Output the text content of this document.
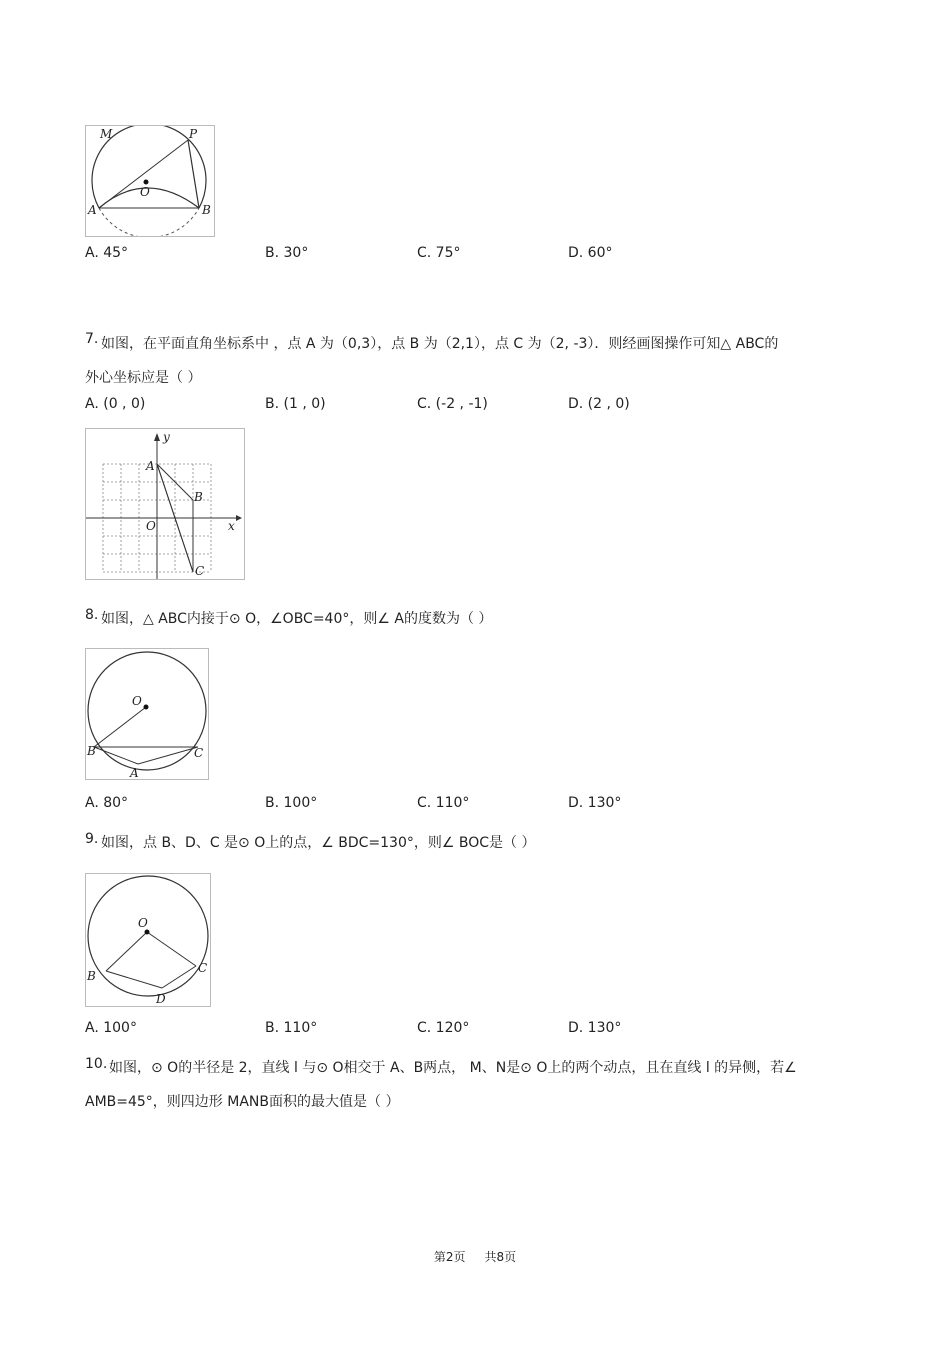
M	P
O
A	B
A. 45°	B. 30°	C. 75°	D. 60°
7. 如图，在平面直角坐标系中 ，点 A 为（0,3），点 B 为（2,1），点 C 为（2, -3）．则经画图操作可知△ ABC的
外心坐标应是（ ）
A. (0 , 0)	B. (1 , 0)	C. (-2 , -1)	D. (2 , 0)
y
x
A
B
O
C
8. 如图，△ ABC内接于⊙ O，∠OBC=40°，则∠ A的度数为（ ）
O
B	C
A
A. 80°	B. 100°	C. 110°	D. 130°
9. 如图，点 B、D、C 是⊙ O上的点，∠ BDC=130°，则∠ BOC是（ ）
O
B
C
D
A. 100°	B. 110°	C. 120°	D. 130°
10. 如图，⊙ O的半径是 2，直线 l 与⊙ O相交于 A、B两点， M、N是⊙ O上的两个动点，且在直线 l 的异侧，若∠
AMB=45°，则四边形 MANB面积的最大值是（ ）
第2页     共8页
